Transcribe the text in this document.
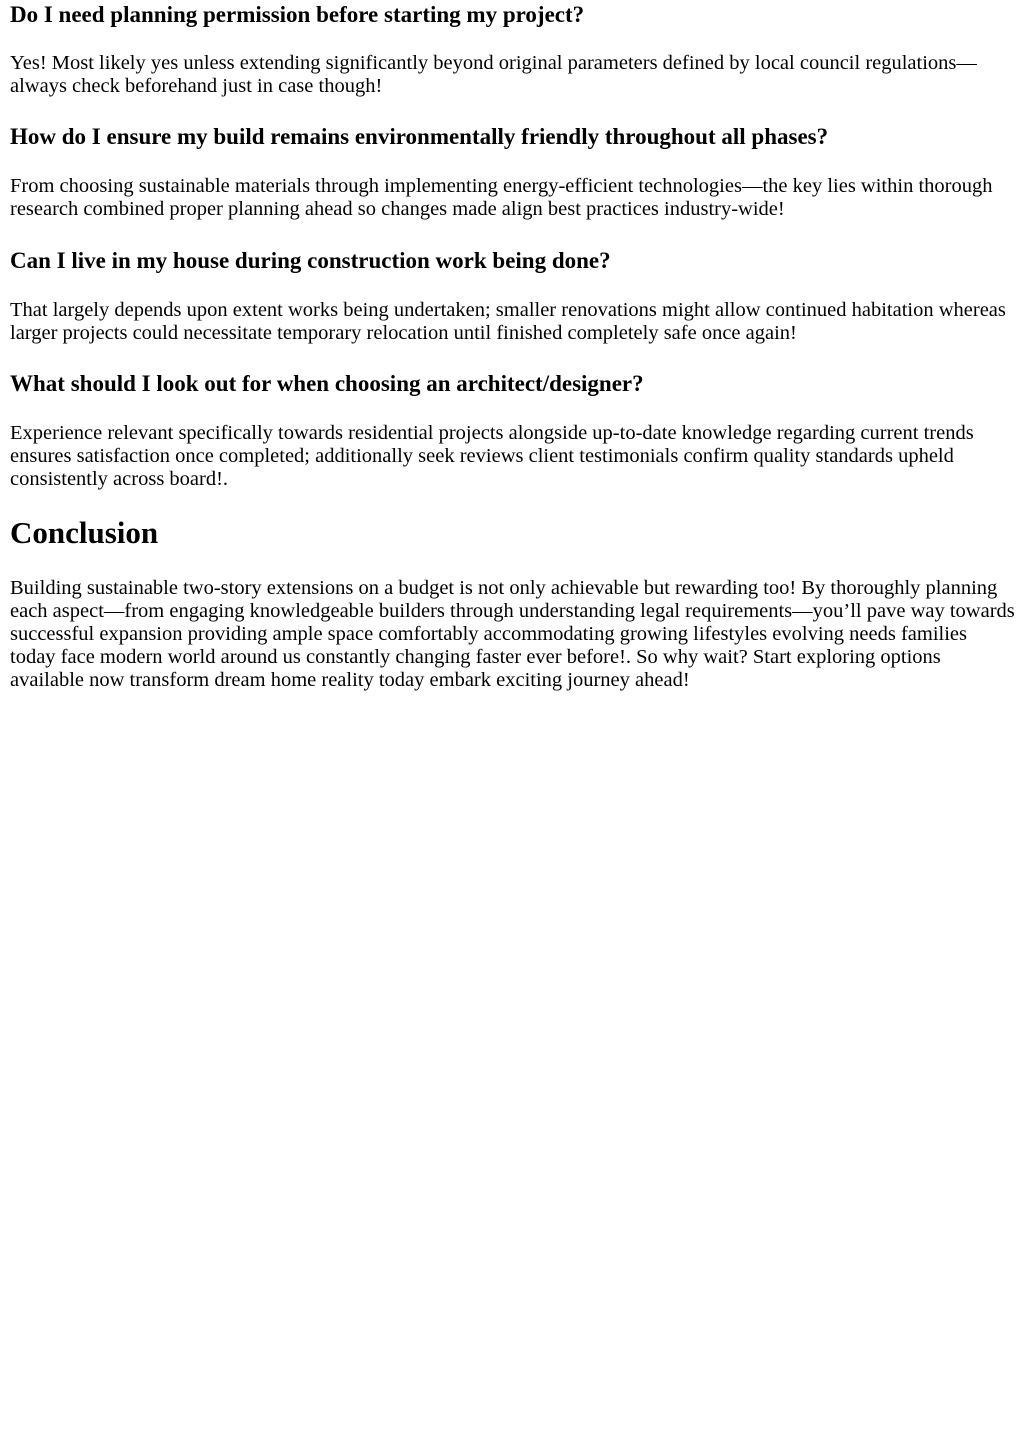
Do I need planning permission before starting my project?

Yes! Most likely yes unless extending significantly beyond original parameters defined by local council regulations—always check beforehand just in case though!

How do I ensure my build remains environmentally friendly throughout all phases?

From choosing sustainable materials through implementing energy-efficient technologies—the key lies within thorough research combined proper planning ahead so changes made align best practices industry-wide!

Can I live in my house during construction work being done?

That largely depends upon extent works being undertaken; smaller renovations might allow continued habitation whereas larger projects could necessitate temporary relocation until finished completely safe once again!

What should I look out for when choosing an architect/designer?

Experience relevant specifically towards residential projects alongside up-to-date knowledge regarding current trends ensures satisfaction once completed; additionally seek reviews client testimonials confirm quality standards upheld consistently across board!.

Conclusion

Building sustainable two-story extensions on a budget is not only achievable but rewarding too! By thoroughly planning each aspect—from engaging knowledgeable builders through understanding legal requirements—you’ll pave way towards successful expansion providing ample space comfortably accommodating growing lifestyles evolving needs families today face modern world around us constantly changing faster ever before!. So why wait? Start exploring options available now transform dream home reality today embark exciting journey ahead!
